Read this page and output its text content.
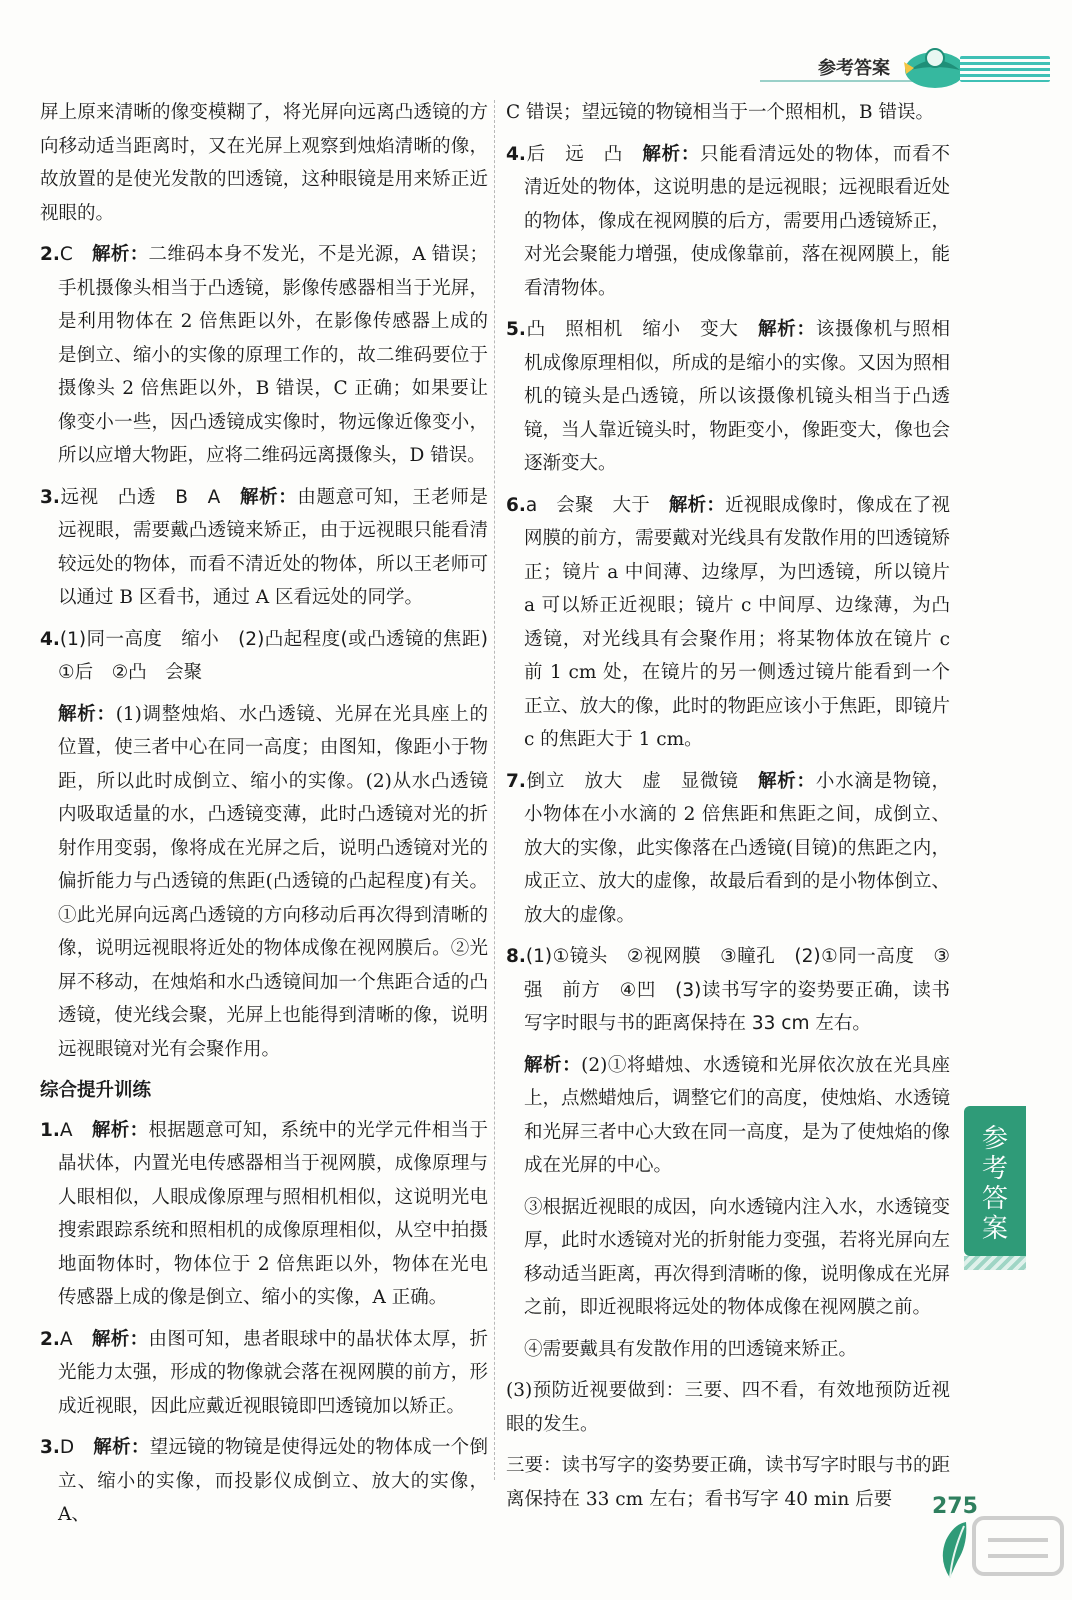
参考答案

屏上原来清晰的像变模糊了，将光屏向远离凸透镜的方向移动适当距离时，又在光屏上观察到烛焰清晰的像，故放置的是使光发散的凹透镜，这种眼镜是用来矫正近视眼的。

2.C　 解析：二维码本身不发光，不是光源，A 错误；手机摄像头相当于凸透镜，影像传感器相当于光屏，是利用物体在 2 倍焦距以外，在影像传感器上成的是倒立、缩小的实像的原理工作的，故二维码要位于摄像头 2 倍焦距以外，B 错误，C 正确；如果要让像变小一些，因凸透镜成实像时，物远像近像变小，所以应增大物距，应将二维码远离摄像头，D 错误。

3.远视　凸透　B　A　 解析：由题意可知，王老师是远视眼，需要戴凸透镜来矫正，由于远视眼只能看清较远处的物体，而看不清近处的物体，所以王老师可以通过 B 区看书，通过 A 区看远处的同学。

4.(1)同一高度　缩小　(2)凸起程度(或凸透镜的焦距)　①后　②凸　会聚

解析：(1)调整烛焰、水凸透镜、光屏在光具座上的位置，使三者中心在同一高度；由图知，像距小于物距，所以此时成倒立、缩小的实像。(2)从水凸透镜内吸取适量的水，凸透镜变薄，此时凸透镜对光的折射作用变弱，像将成在光屏之后，说明凸透镜对光的偏折能力与凸透镜的焦距(凸透镜的凸起程度)有关。①此光屏向远离凸透镜的方向移动后再次得到清晰的像，说明远视眼将近处的物体成像在视网膜后。②光屏不移动，在烛焰和水凸透镜间加一个焦距合适的凸透镜，使光线会聚，光屏上也能得到清晰的像，说明远视眼镜对光有会聚作用。

综合提升训练

1.A　 解析：根据题意可知，系统中的光学元件相当于晶状体，内置光电传感器相当于视网膜，成像原理与人眼相似，人眼成像原理与照相机相似，这说明光电搜索跟踪系统和照相机的成像原理相似，从空中拍摄地面物体时，物体位于 2 倍焦距以外，物体在光电传感器上成的像是倒立、缩小的实像，A 正确。

2.A　 解析：由图可知，患者眼球中的晶状体太厚，折光能力太强，形成的物像就会落在视网膜的前方，形成近视眼，因此应戴近视眼镜即凹透镜加以矫正。

3.D　 解析：望远镜的物镜是使得远处的物体成一个倒立、缩小的实像，而投影仪成倒立、放大的实像，A、

C 错误；望远镜的物镜相当于一个照相机，B 错误。

4.后　远　凸　 解析：只能看清远处的物体，而看不清近处的物体，这说明患的是远视眼；远视眼看近处的物体，像成在视网膜的后方，需要用凸透镜矫正，对光会聚能力增强，使成像靠前，落在视网膜上，能看清物体。

5.凸　照相机　缩小　变大　 解析：该摄像机与照相机成像原理相似，所成的是缩小的实像。又因为照相机的镜头是凸透镜，所以该摄像机镜头相当于凸透镜，当人靠近镜头时，物距变小，像距变大，像也会逐渐变大。

6.a　会聚　大于　 解析：近视眼成像时，像成在了视网膜的前方，需要戴对光线具有发散作用的凹透镜矫正；镜片 a 中间薄、边缘厚，为凹透镜，所以镜片 a 可以矫正近视眼；镜片 c 中间厚、边缘薄，为凸透镜，对光线具有会聚作用；将某物体放在镜片 c 前 1 cm 处，在镜片的另一侧透过镜片能看到一个正立、放大的像，此时的物距应该小于焦距，即镜片 c 的焦距大于 1 cm。

7.倒立　放大　虚　显微镜　 解析：小水滴是物镜，小物体在小水滴的 2 倍焦距和焦距之间，成倒立、放大的实像，此实像落在凸透镜(目镜)的焦距之内，成正立、放大的虚像，故最后看到的是小物体倒立、放大的虚像。

8.(1)①镜头　②视网膜　③瞳孔　(2)①同一高度　③强　前方　④凹　(3)读书写字的姿势要正确，读书写字时眼与书的距离保持在 33 cm 左右。

解析：(2)①将蜡烛、水透镜和光屏依次放在光具座上，点燃蜡烛后，调整它们的高度，使烛焰、水透镜和光屏三者中心大致在同一高度，是为了使烛焰的像成在光屏的中心。

③根据近视眼的成因，向水透镜内注入水，水透镜变厚，此时水透镜对光的折射能力变强，若将光屏向左移动适当距离，再次得到清晰的像，说明像成在光屏之前，即近视眼将远处的物体成像在视网膜之前。

④需要戴具有发散作用的凹透镜来矫正。

(3)预防近视要做到：三要、四不看，有效地预防近视眼的发生。

三要：读书写字的姿势要正确，读书写字时眼与书的距离保持在 33 cm 左右；看书写字 40 min 后要

参考答案
275
